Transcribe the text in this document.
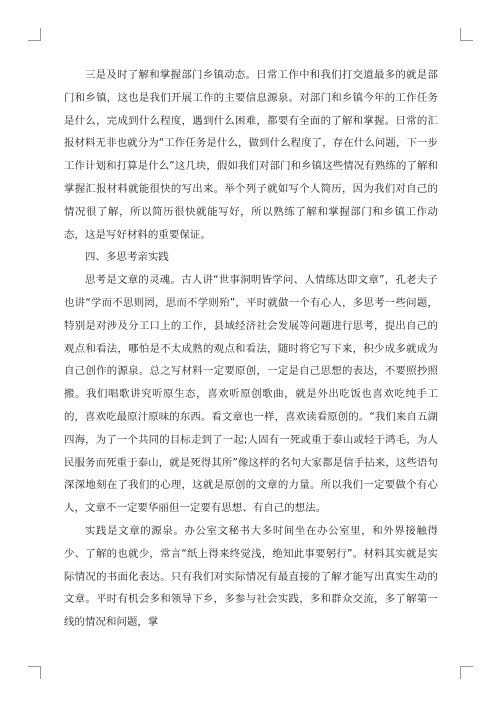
三是及时了解和掌握部门乡镇动态。日常工作中和我们打交道最多的就是部门和乡镇，这也是我们开展工作的主要信息源泉。对部门和乡镇今年的工作任务是什么，完成到什么程度，遇到什么困难，都要有全面的了解和掌握。日常的汇报材料无非也就分为“工作任务是什么，做到什么程度了，存在什么问题，下一步工作计划和打算是什么”这几块，假如我们对部门和乡镇这些情况有熟练的了解和掌握汇报材料就能很快的写出来。举个列子就如写个人简历，因为我们对自己的情况很了解，所以简历很快就能写好，所以熟练了解和掌握部门和乡镇工作动态，这是写好材料的重要保证。

四、多思考亲实践

思考是文章的灵魂。古人讲“世事洞明皆学问、人情练达即文章”，孔老夫子也讲“学而不思则罔，思而不学则殆”，平时就做一个有心人，多思考一些问题，特别是对涉及分工口上的工作，县域经济社会发展等问题进行思考，提出自己的观点和看法，哪怕是不太成熟的观点和看法，随时将它写下来，积少成多就成为自己创作的源泉。总之写材料一定要原创，一定是自己思想的表达，不要照抄照搬。我们唱歌讲究听原生态，喜欢听原创歌曲，就是外出吃饭也喜欢吃纯手工的，喜欢吃最原汁原味的东西。看文章也一样，喜欢读看原创的。“我们来自五湖四海，为了一个共同的目标走到了一起;人固有一死或重于泰山或轻于鸿毛，为人民服务而死重于泰山，就是死得其所”像这样的名句大家都是信手拈来，这些语句深深地刻在了我们的心理，这就是原创的文章的力量。所以我们一定要做个有心人，文章不一定要华丽但一定要有思想、有自己的想法。

实践是文章的源泉。办公室文秘书大多时间坐在办公室里，和外界接触得少、了解的也就少，常言“纸上得来终觉浅，绝知此事要躬行”。材料其实就是实际情况的书面化表达。只有我们对实际情况有最直接的了解才能写出真实生动的文章。平时有机会多和领导下乡，多参与社会实践，多和群众交流，多了解第一线的情况和问题，掌
